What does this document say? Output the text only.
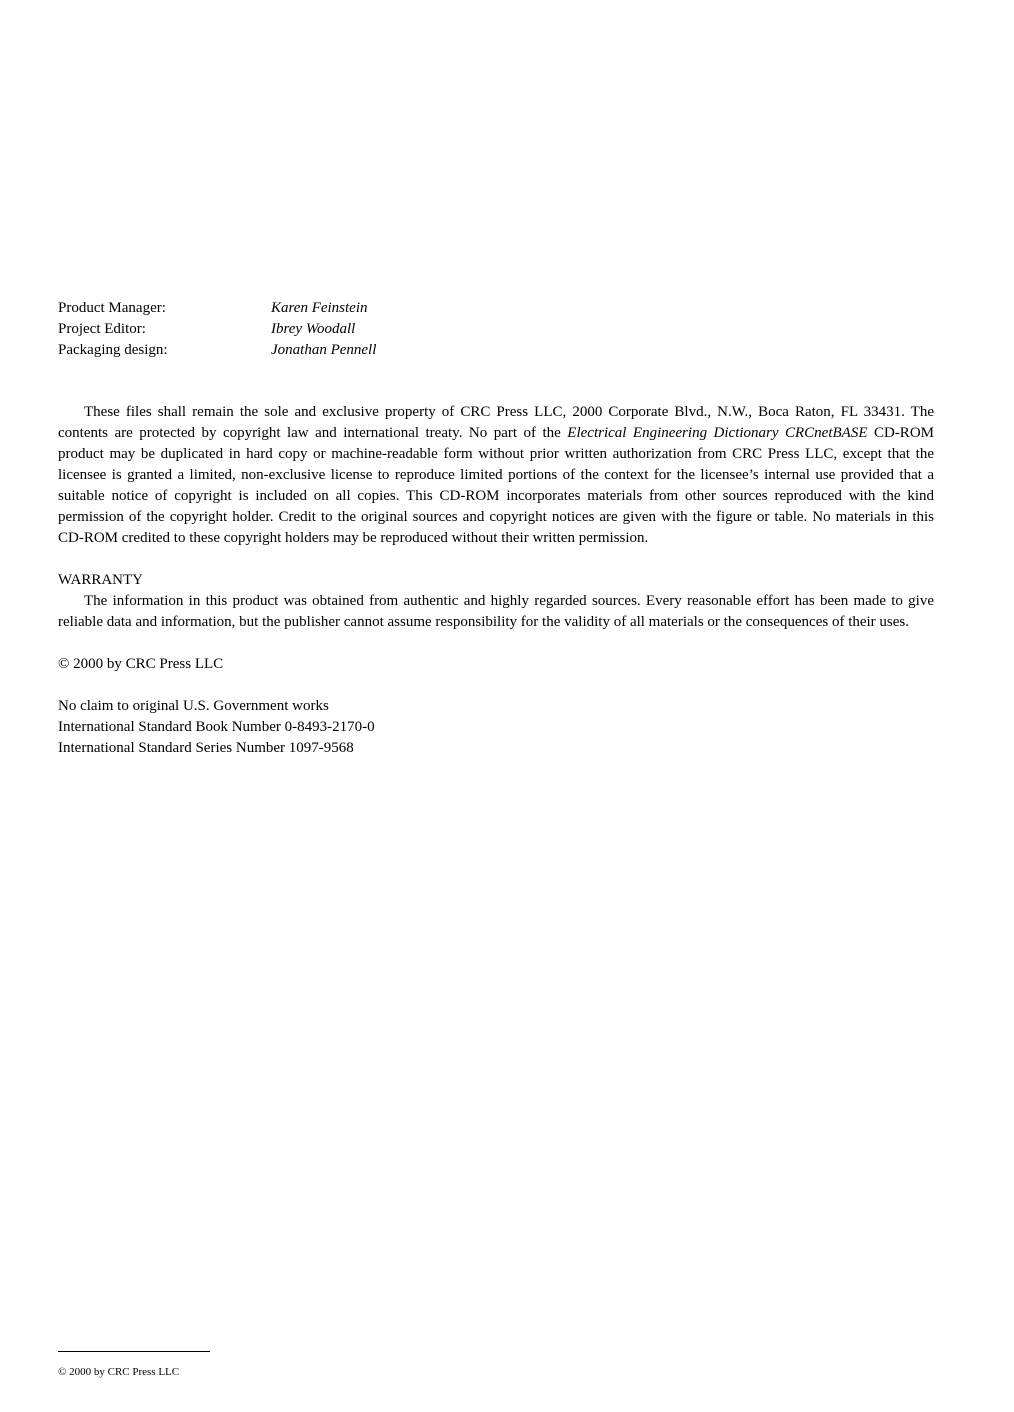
Product Manager:	Karen Feinstein
Project Editor:	Ibrey Woodall
Packaging design:	Jonathan Pennell

These files shall remain the sole and exclusive property of CRC Press LLC, 2000 Corporate Blvd., N.W., Boca Raton, FL 33431. The contents are protected by copyright law and international treaty. No part of the Electrical Engineering Dictionary CRCnetBASE CD-ROM product may be duplicated in hard copy or machine-readable form without prior written authorization from CRC Press LLC, except that the licensee is granted a limited, non-exclusive license to reproduce limited portions of the context for the licensee’s internal use provided that a suitable notice of copyright is included on all copies. This CD-ROM incorporates materials from other sources reproduced with the kind permission of the copyright holder. Credit to the original sources and copyright notices are given with the figure or table. No materials in this CD-ROM credited to these copyright holders may be reproduced without their written permission.

WARRANTY

The information in this product was obtained from authentic and highly regarded sources. Every reasonable effort has been made to give reliable data and information, but the publisher cannot assume responsibility for the validity of all materials or the consequences of their uses.

© 2000 by CRC Press LLC

No claim to original U.S. Government works

International Standard Book Number 0-8493-2170-0

International Standard Series Number 1097-9568

© 2000 by CRC Press LLC
